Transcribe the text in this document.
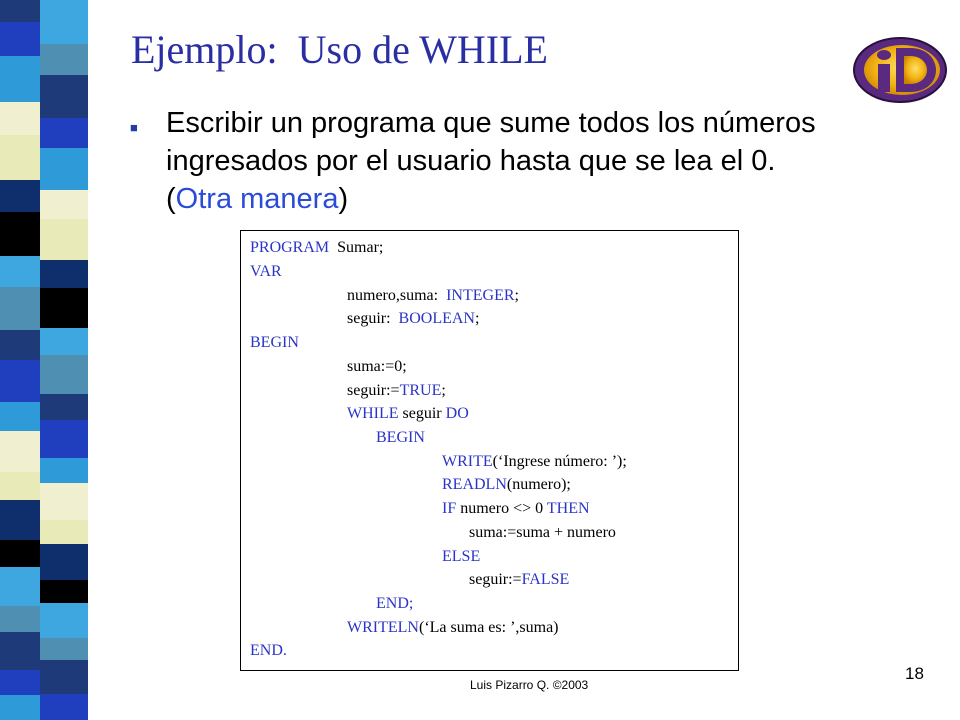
Ejemplo: Uso de WHILE
■ Escribir un programa que sume todos los números ingresados por el usuario hasta que se lea el 0.
(Otra manera)

PROGRAM  Sumar;
VAR
numero,suma:  INTEGER;
seguir:  BOOLEAN;
BEGIN
suma:=0;
seguir:=TRUE;
WHILE seguir DO
BEGIN
WRITE(‘Ingrese número: ’);
READLN(numero);
IF numero <> 0 THEN
suma:=suma + numero
ELSE
seguir:=FALSE
END;
WRITELN(‘La suma es: ’,suma)
END.

Luis Pizarro Q. ©2003

18
